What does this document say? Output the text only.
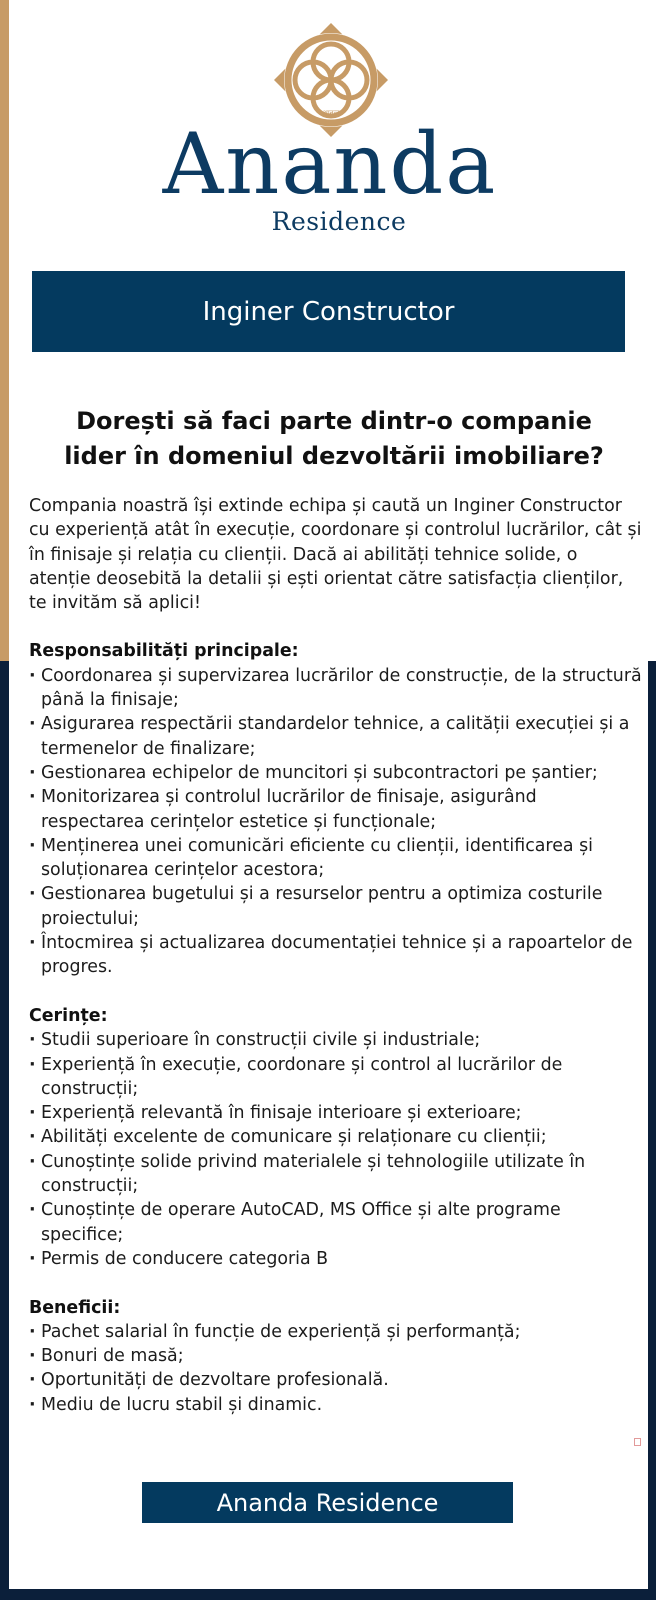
आनन्द
Ananda
Residence
Inginer Constructor
Dorești să faci parte dintr-o companie
lider în domeniul dezvoltării imobiliare?

Compania noastră își extinde echipa și caută un Inginer Constructor cu experiență atât în execuție, coordonare și controlul lucrărilor, cât și în finisaje și relația cu clienții. Dacă ai abilități tehnice solide, o atenție deosebită la detalii și ești orientat către satisfacția clienților, te invităm să aplici!

Responsabilități principale:
· Coordonarea și supervizarea lucrărilor de construcție, de la structură până la finisaje;
· Asigurarea respectării standardelor tehnice, a calității execuției și a termenelor de finalizare;
· Gestionarea echipelor de muncitori și subcontractori pe șantier;
· Monitorizarea și controlul lucrărilor de finisaje, asigurând respectarea cerințelor estetice și funcționale;
· Menținerea unei comunicări eficiente cu clienții, identificarea și soluționarea cerințelor acestora;
· Gestionarea bugetului și a resurselor pentru a optimiza costurile proiectului;
· Întocmirea și actualizarea documentației tehnice și a rapoartelor de progres.
Cerințe:
· Studii superioare în construcții civile și industriale;
· Experiență în execuție, coordonare și control al lucrărilor de construcții;
· Experiență relevantă în finisaje interioare și exterioare;
· Abilități excelente de comunicare și relaționare cu clienții;
· Cunoștințe solide privind materialele și tehnologiile utilizate în construcții;
· Cunoștințe de operare AutoCAD, MS Office și alte programe specifice;
· Permis de conducere categoria B
Beneficii:
· Pachet salarial în funcție de experiență și performanță;
· Bonuri de masă;
· Oportunități de dezvoltare profesională.
· Mediu de lucru stabil și dinamic.
Ananda Residence
